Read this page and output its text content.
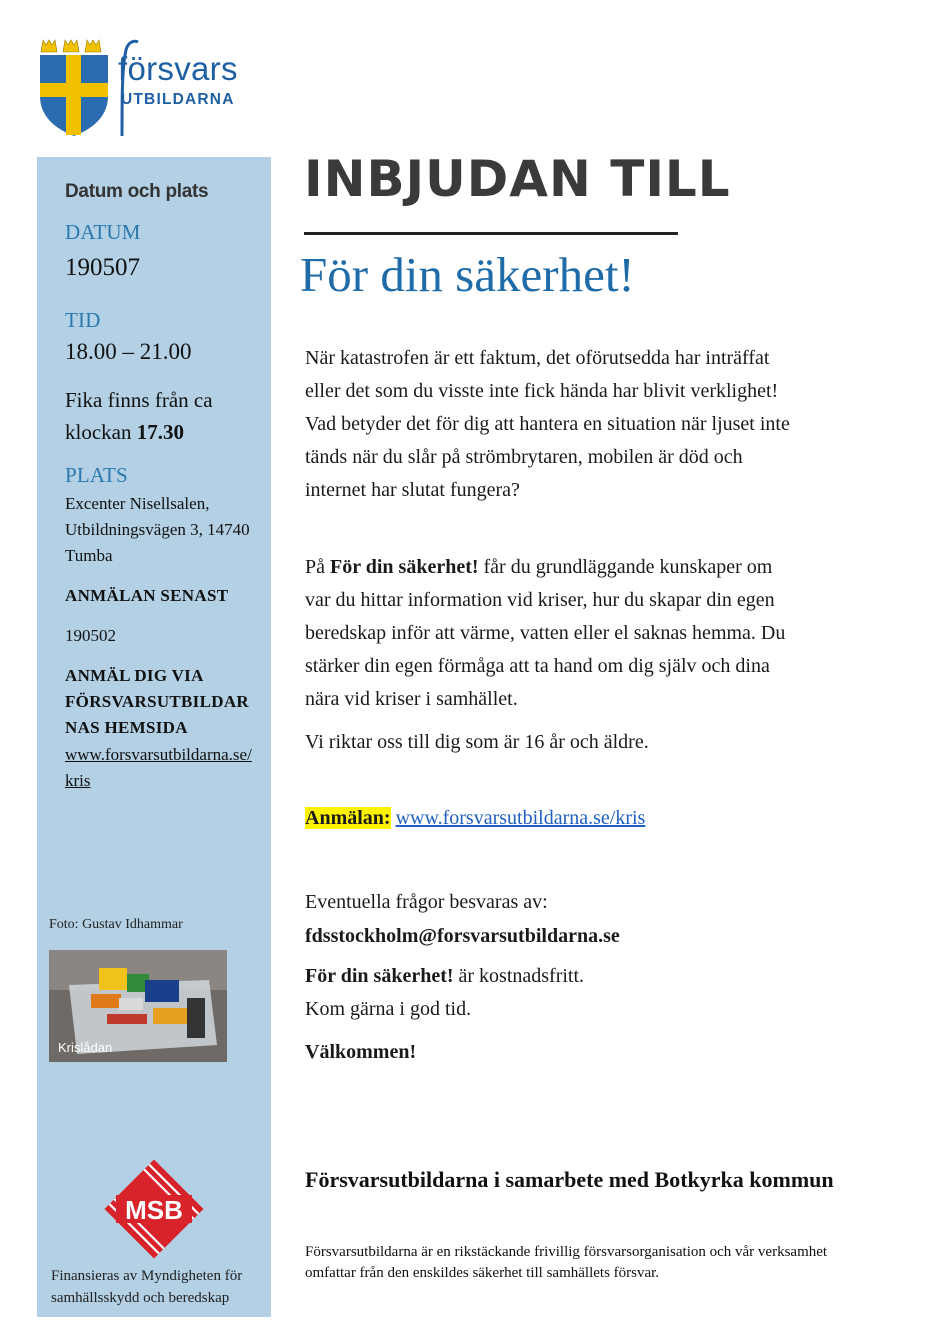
försvars
UTBILDARNA
Datum och plats
DATUM
190507
TID
18.00 – 21.00
Fika finns från ca
klockan 17.30
PLATS
Excenter Nisellsalen,
Utbildningsvägen 3, 14740
Tumba
ANMÄLAN SENAST
190502
ANMÄL DIG VIA
FÖRSVARSUTBILDAR
NAS HEMSIDA
www.forsvarsutbildarna.se/
kris
Foto: Gustav Idhammar
Krislådan
MSB
Finansieras av Myndigheten för
samhällsskydd och beredskap
INBJUDAN TILL
För din säkerhet!
När katastrofen är ett faktum, det oförutsedda har inträffat
eller det som du visste inte fick hända har blivit verklighet!
Vad betyder det för dig att hantera en situation när ljuset inte
tänds när du slår på strömbrytaren, mobilen är död och
internet har slutat fungera?
På För din säkerhet! får du grundläggande kunskaper om
var du hittar information vid kriser, hur du skapar din egen
beredskap inför att värme, vatten eller el saknas hemma. Du
stärker din egen förmåga att ta hand om dig själv och dina
nära vid kriser i samhället.
Vi riktar oss till dig som är 16 år och äldre.
Anmälan: www.forsvarsutbildarna.se/kris
Eventuella frågor besvaras av:
fdsstockholm@forsvarsutbildarna.se
För din säkerhet! är kostnadsfritt.
Kom gärna i god tid.
Välkommen!
Försvarsutbildarna i samarbete med Botkyrka kommun
Försvarsutbildarna är en rikstäckande frivillig försvarsorganisation och vår verksamhet omfattar från den enskildes säkerhet till samhällets försvar.
